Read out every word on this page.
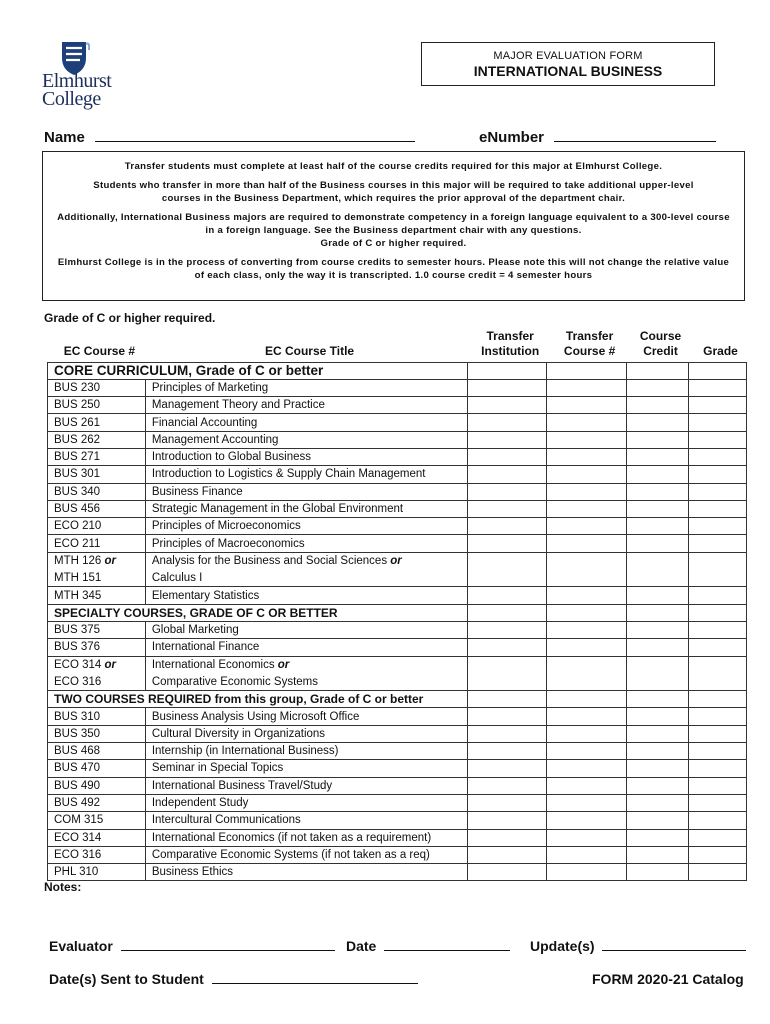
Elmhurst
College
MAJOR EVALUATION FORM
INTERNATIONAL BUSINESS
Name	eNumber

Transfer students must complete at least half of the course credits required for this major at Elmhurst College.

Students who transfer in more than half of the Business courses in this major will be required to take additional upper-level courses in the Business Department, which requires the prior approval of the department chair.

Additionally, International Business majors are required to demonstrate competency in a foreign language equivalent to a 300-level course in a foreign language. See the Business department chair with any questions.

Grade of C or higher required.

Elmhurst College is in the process of converting from course credits to semester hours. Please note this will not change the relative value of each class, only the way it is transcripted. 1.0 course credit = 4 semester hours

Grade of C or higher required.
EC Course #	EC Course Title	Transfer Institution	Transfer Course #	Course Credit	Grade
CORE CURRICULUM, Grade of C or better					
BUS 230	Principles of Marketing				
BUS 250	Management Theory and Practice				
BUS 261	Financial Accounting				
BUS 262	Management Accounting				
BUS 271	Introduction to Global Business				
BUS 301	Introduction to Logistics & Supply Chain Management				
BUS 340	Business Finance				
BUS 456	Strategic Management in the Global Environment				
ECO 210	Principles of Microeconomics				
ECO 211	Principles of Macroeconomics				
MTH 126 or	Analysis for the Business and Social Sciences or				
MTH 151	Calculus I				
MTH 345	Elementary Statistics				
SPECIALTY COURSES, GRADE OF C OR BETTER					
BUS 375	Global Marketing				
BUS 376	International Finance				
ECO 314 or	International Economics or				
ECO 316	Comparative Economic Systems				
TWO COURSES REQUIRED from this group, Grade of C or better					
BUS 310	Business Analysis Using Microsoft Office				
BUS 350	Cultural Diversity in Organizations				
BUS 468	Internship (in International Business)				
BUS 470	Seminar in Special Topics				
BUS 490	International Business Travel/Study				
BUS 492	Independent Study				
COM 315	Intercultural Communications				
ECO 314	International Economics (if not taken as a requirement)				
ECO 316	Comparative Economic Systems (if not taken as a req)				
PHL 310	Business Ethics				
Notes:
Evaluator	Date	Update(s)
Date(s) Sent to Student	FORM 2020-21 Catalog
